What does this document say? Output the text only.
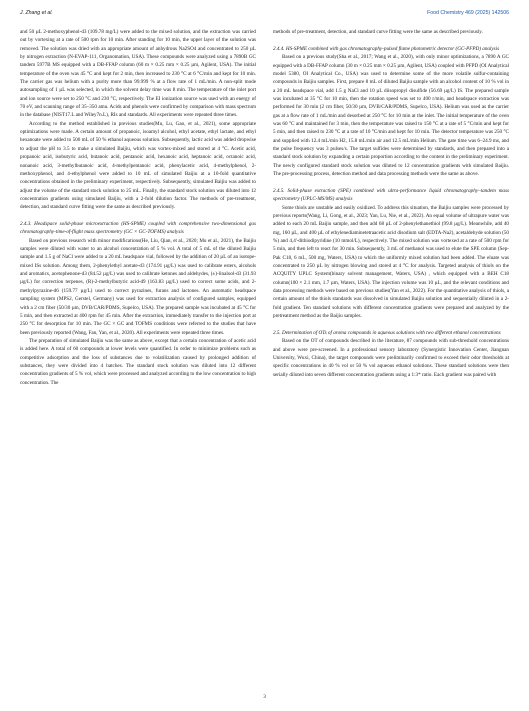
J. Zhang et al.	Food Chemistry 469 (2025) 142506

and 50 µL 2-methoxyphenol-d3 (109.78 mg/L) were added to the mixed solution, and the extraction was carried out by vortexing at a rate of 500 rpm for 10 min. After standing for 10 min, the upper layer of the solution was removed. The solution was dried with an appropriate amount of anhydrous Na2SO4 and concentrated to 250 µL by nitrogen extraction (N-EVAP-111, Organomation, USA). These compounds were analyzed using a 7890B GC tandem 5977B MS equipped with a DB-FFAP column (60 m × 0.25 mm × 0.25 µm, Agilent, USA). The initial temperature of the oven was 45 °C and kept for 2 min, then increased to 230 °C at 6 °C/min and kept for 10 min. The carrier gas was helium with a purity more than 99.999 % at a flow rate of 1 mL/min. A non-split mode autosampling of 1 µL was selected, in which the solvent delay time was 8 min. The temperature of the inlet port and ion source were set to 250 °C and 230 °C, respectively. The EI ionization source was used with an energy of 70 eV, and scanning range of 35–350 amu. Acids and phenols were confirmed by comparison with mass spectrum in the database (NIST17.L and Wiley7n.L), RIs and standards. All experiments were repeated three times.

According to the method established in previous studies(Mu, Lu, Gao, et al., 2021), some appropriate optimizations were made. A certain amount of propanoic, isoamyl alcohol, ethyl acetate, ethyl lactate, and ethyl hexanoate were added to 500 mL of 50 % ethanol aqueous solution. Subsequently, lactic acid was added dropwise to adjust the pH to 3.5 to make a simulated Baijiu, which was vortex-mixed and stored at 4 °C. Acetic acid, propanoic acid, isobutyric acid, butanoic acid, pentanoic acid, hexanoic acid, heptanoic acid, octanoic acid, nonanoic acid, 3-methylbutanoic acid, 4-methylpentanoic acid, phenylacetic acid, 4-methylphenol, 2-methoxyphenol, and 4-ethylphenol were added to 10 mL of simulated Baijiu at a 10-fold quantitative concentrations obtained in the preliminary experiment, respectively. Subsequently, simulated Baijiu was added to adjust the volume of the standard stock solution to 25 mL. Finally, the standard stock solution was diluted into 12 concentration gradients using simulated Baijiu, with a 2-fold dilution factor. The methods of pre-treatment, detection, and standard curve fitting were the same as described previously.

2.4.3. Headspace solid-phase microextraction (HS-SPME) coupled with comprehensive two-dimensional gas chromatography-time-of-flight mass spectrometry (GC × GC-TOFMS) analysis

Based on previous research with minor modifications(He, Liu, Qian, et al., 2020; Mu et al., 2021), the Baijiu samples were diluted with water to an alcohol concentration of 5 % vol. A total of 5 mL of the diluted Baijiu sample and 1.5 g of NaCl were added to a 20 mL headspace vial, followed by the addition of 20 µL of an isotope-mixed ISs solution. Among them, 2-phenylethyl acetate-d3 (174.91 µg/L) was used to calibrate esters, alcohols and aromatics, acetophenone-d3 (84.52 µg/L) was used to calibrate ketones and aldehydes, (±)-linalool-d3 (31.93 µg/L) for correction terpenes, (R)-2-methylbutyric acid-d9 (163.83 µg/L) used to correct some acids, and 2-methylpyrazine-d6 (159.77 µg/L) used to correct pyrazines, furans and lactones. An automatic headspace sampling system (MPS2, Gerstel, Germany) was used for extraction analysis of configured samples, equipped with a 2 cm fiber (50/30 µm, DVB/CAR/PDMS, Supelco, USA). The prepared sample was incubated at 45 °C for 5 min, and then extracted at 400 rpm for 45 min. After the extraction, immediately transfer to the injection port at 250 °C for desorption for 10 min. The GC × GC and TOFMS conditions were referred to the studies that have been previously reported (Wang, Fan, Yan, et al., 2020). All experiments were repeated three times.

The preparation of simulated Baijiu was the same as above, except that a certain concentration of acetic acid is added here. A total of 60 compounds at lower levels were quantified. In order to minimize problems such as competitive adsorption and the loss of substances due to volatilization caused by prolonged addition of substances, they were divided into 4 batches. The standard stock solution was diluted into 12 different concentration gradients of 5 % vol, which were processed and analyzed according to the low concentration to high concentration. The

methods of pre-treatment, detection, and standard curve fitting were the same as described previously.

2.4.4. HS-SPME combined with gas chromatography-pulsed flame photometric detector (GC-PFPD) analysis

Based on a previous study(Sha et al., 2017; Wang et al., 2020), with only minor optimizations, a 7890 A GC equipped with a DB-FFAP column (30 m × 0.25 mm × 0.25 µm, Agilent, USA) coupled with PFPD (OI Analytical model 5380, OI Analytical Co., USA) was used to determine some of the more volatile sulfur-containing compounds in Baijiu samples. First, prepare 8 mL of diluted Baijiu sample with an alcohol content of 10 % vol in a 20 mL headspace vial, add 1.5 g NaCl and 10 µL diisopropyl disulfide (56.69 µg/L) IS. The prepared sample was incubated at 35 °C for 10 min, then the rotation speed was set to 400 r/min, and headspace extraction was performed for 30 min (2 cm fiber, 50/30 µm, DVB/CAR/PDMS, Supelco, USA). Helium was used as the carrier gas at a flow rate of 1 mL/min and desorbed at 250 °C for 10 min at the inlet. The initial temperature of the oven was 60 °C and maintained for 3 min, then the temperature was raised to 150 °C at a rate of 5 °C/min and kept for 5 min, and then raised to 230 °C at a rate of 10 °C/min and kept for 10 min. The detector temperature was 250 °C and supplied with 12.4 mL/min H2, 15.8 mL/min air and 12.5 mL/min Helium. The gate time was 6–24.9 ms, and the pulse frequency was 3 pulses/s. The target sulfides were determined by standards, and then prepared into a standard stock solution by expanding a certain proportion according to the content in the preliminary experiment. The newly configured standard stock solution was diluted to 12 concentration gradients with simulated Baijiu. The pre-processing process, detection method and data processing methods were the same as above.

2.4.5. Solid-phase extraction (SPE) combined with ultra-performance liquid chromatography–tandem mass spectrometry (UPLC-MS/MS) analysis

Some thiols are unstable and easily oxidized. To address this situation, the Baijiu samples were processed by previous reports(Wang, Li, Gong, et al., 2023; Yan, Lu, Nie, et al., 2022). An equal volume of ultrapure water was added to each 20 mL Baijiu sample, and then add 68 µL of 2-phenylethanethiol (99.8 µg/L). Meanwhile, add 40 mg, 160 µL, and 400 µL of ethylenediaminetetraacetic acid disodium salt (EDTA-Na2), acetaldehyde solution (50 %) and 4,4'-dithiodipyridine (10 mmol/L), respectively. The mixed solution was vortexed at a rate of 500 rpm for 5 min, and then left to react for 30 min. Subsequently, 3 mL of methanol was used to elute the SPE column (Sep-Pak C18, 6 mL, 500 mg, Waters, USA) to which the uniformly mixed solution had been added. The eluate was concentrated to 250 µL by nitrogen blowing and stored at 4 °C for analysis. Targeted analysis of thiols on the ACQUITY UPLC System(binary solvent management, Waters, USA) , which equipped with a BEH C18 column(100 × 2.1 mm, 1.7 µm, Waters, USA). The injection volume was 10 µL, and the relevant conditions and data processing methods were based on previous studies(Yan et al., 2022). For the quantitative analysis of thiols, a certain amount of the thiols standards was dissolved in simulated Baijiu solution and sequentially diluted in a 2-fold gradient. Ten standard solutions with different concentration gradients were prepared and analyzed by the pretreatment method as the Baijiu samples.

2.5. Determination of OTs of aroma compounds in aqueous solutions with two different ethanol concentrations

Based on the OT of compounds described in the literature, 87 compounds with sub-threshold concentrations and above were pre-screened. In a professional sensory laboratory (Synergistic Innovation Center, Jiangnan University, Wuxi, China), the target compounds were preliminarily confirmed to exceed their odor thresholds at specific concentrations in 40 % vol or 50 % vol aqueous ethanol solutions. These standard solutions were then serially diluted into seven different concentration gradients using a 1:3* ratio. Each gradient was paired with

3
